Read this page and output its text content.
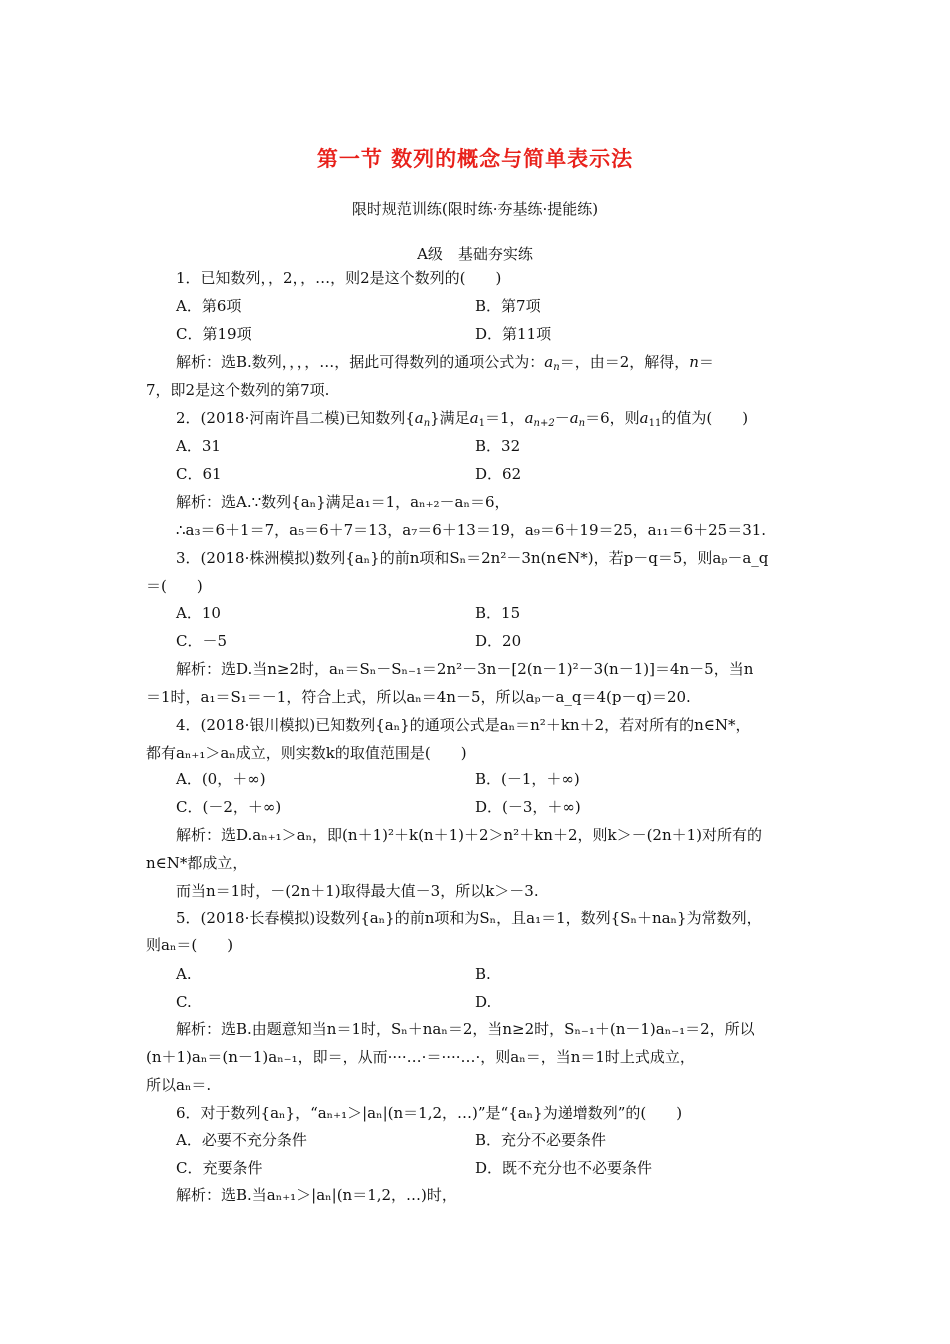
第一节 数列的概念与简单表示法
限时规范训练(限时练·夯基练·提能练)
A级　基础夯实练
1．已知数列，，2，，…，则2是这个数列的(　　)
A．第6项	B．第7项
C．第19项	D．第11项
解析：选B.数列，，，，…，据此可得数列的通项公式为：$a_n=$，由＝2，解得，n＝
7，即2是这个数列的第7项.
2．(2018·河南许昌二模)已知数列$\{a_n\}$满足$a_1=1$，$a_{n+2}-a_n=6$，则$a_{11}$的值为(　　)
A．31	B．32
C．61	D．62
解析：选A.∵数列{aₙ}满足a₁＝1，aₙ₊₂－aₙ＝6，
∴a₃＝6＋1＝7，a₅＝6＋7＝13，a₇＝6＋13＝19，a₉＝6＋19＝25，a₁₁＝6＋25＝31.
3．(2018·株洲模拟)数列{aₙ}的前n项和Sₙ＝2n²－3n(n∈N*)，若p－q＝5，则aₚ－a_q
＝(　　)
A．10	B．15
C．－5	D．20
解析：选D.当n≥2时，aₙ＝Sₙ－Sₙ₋₁＝2n²－3n－[2(n－1)²－3(n－1)]＝4n－5，当n
＝1时，a₁＝S₁＝－1，符合上式，所以aₙ＝4n－5，所以aₚ－a_q＝4(p－q)＝20.
4．(2018·银川模拟)已知数列{aₙ}的通项公式是aₙ＝n²＋kn＋2，若对所有的n∈N*，
都有aₙ₊₁＞aₙ成立，则实数k的取值范围是(　　)
A．(0，＋∞)	B．(－1，＋∞)
C．(－2，＋∞)	D．(－3，＋∞)
解析：选D.aₙ₊₁＞aₙ，即(n＋1)²＋k(n＋1)＋2＞n²＋kn＋2，则k＞－(2n＋1)对所有的
n∈N*都成立，
而当n＝1时，－(2n＋1)取得最大值－3，所以k＞－3.
5．(2018·长春模拟)设数列{aₙ}的前n项和为Sₙ，且a₁＝1，数列{Sₙ＋naₙ}为常数列，
则aₙ＝(　　)
A.	B.
C.	D.
解析：选B.由题意知当n＝1时，Sₙ＋naₙ＝2，当n≥2时，Sₙ₋₁＋(n－1)aₙ₋₁＝2，所以
(n＋1)aₙ＝(n－1)aₙ₋₁，即＝，从而····…·＝····…·，则aₙ＝，当n＝1时上式成立，
所以aₙ＝.
6．对于数列{aₙ}，“aₙ₊₁＞|aₙ|(n＝1,2，…)”是“{aₙ}为递增数列”的(　　)
A．必要不充分条件	B．充分不必要条件
C．充要条件	D．既不充分也不必要条件
解析：选B.当aₙ₊₁＞|aₙ|(n＝1,2，…)时，
